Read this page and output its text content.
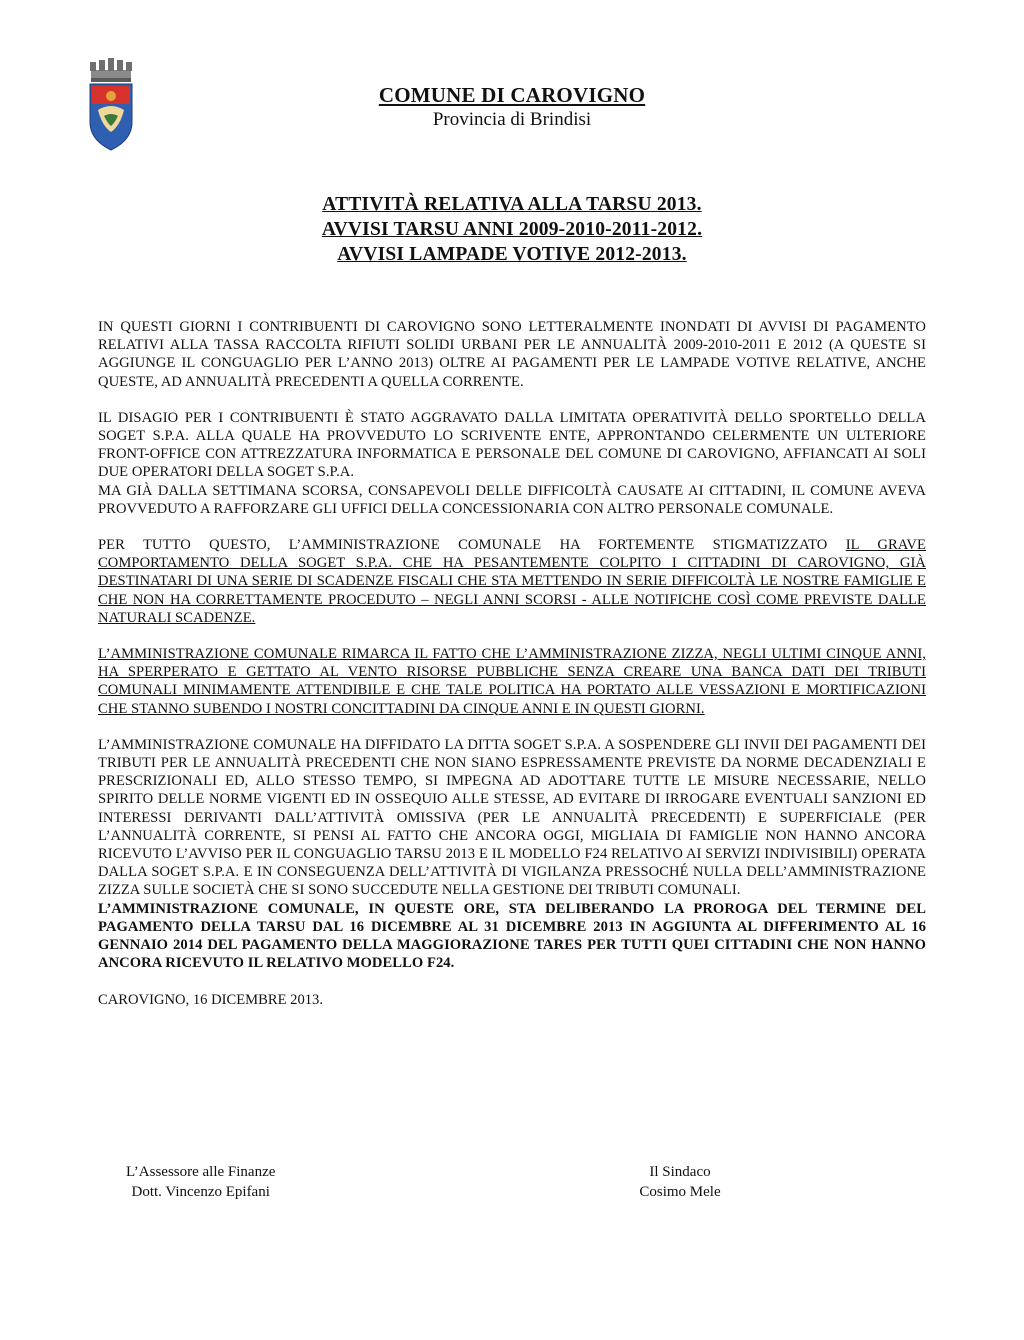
COMUNE DI CAROVIGNO
Provincia di Brindisi
ATTIVITÀ RELATIVA ALLA TARSU 2013.
AVVISI TARSU ANNI 2009-2010-2011-2012.
AVVISI LAMPADE VOTIVE 2012-2013.

IN QUESTI GIORNI I CONTRIBUENTI DI CAROVIGNO SONO LETTERALMENTE INONDATI DI AVVISI DI PAGAMENTO RELATIVI ALLA TASSA RACCOLTA RIFIUTI SOLIDI URBANI PER LE ANNUALITÀ 2009-2010-2011 E 2012 (A QUESTE SI AGGIUNGE IL CONGUAGLIO PER L’ANNO 2013) OLTRE AI PAGAMENTI PER LE LAMPADE VOTIVE RELATIVE, ANCHE QUESTE, AD ANNUALITÀ PRECEDENTI A QUELLA CORRENTE.

IL DISAGIO PER I CONTRIBUENTI È STATO AGGRAVATO DALLA LIMITATA OPERATIVITÀ DELLO SPORTELLO DELLA SOGET S.P.A. ALLA QUALE HA PROVVEDUTO LO SCRIVENTE ENTE, APPRONTANDO CELERMENTE UN ULTERIORE FRONT-OFFICE CON ATTREZZATURA INFORMATICA E PERSONALE DEL COMUNE DI CAROVIGNO, AFFIANCATI AI SOLI DUE OPERATORI DELLA SOGET S.P.A.

MA GIÀ DALLA SETTIMANA SCORSA, CONSAPEVOLI DELLE DIFFICOLTÀ CAUSATE AI CITTADINI, IL COMUNE AVEVA PROVVEDUTO A RAFFORZARE GLI UFFICI DELLA CONCESSIONARIA CON ALTRO PERSONALE COMUNALE.

PER TUTTO QUESTO, L’AMMINISTRAZIONE COMUNALE HA FORTEMENTE STIGMATIZZATO IL GRAVE COMPORTAMENTO DELLA SOGET S.P.A. CHE HA PESANTEMENTE COLPITO I CITTADINI DI CAROVIGNO, GIÀ DESTINATARI DI UNA SERIE DI SCADENZE FISCALI CHE STA METTENDO IN SERIE DIFFICOLTÀ LE NOSTRE FAMIGLIE E CHE NON HA CORRETTAMENTE PROCEDUTO – NEGLI ANNI SCORSI - ALLE NOTIFICHE COSÌ COME PREVISTE DALLE NATURALI SCADENZE.

L’AMMINISTRAZIONE COMUNALE RIMARCA IL FATTO CHE L’AMMINISTRAZIONE ZIZZA, NEGLI ULTIMI CINQUE ANNI, HA SPERPERATO E GETTATO AL VENTO RISORSE PUBBLICHE SENZA CREARE UNA BANCA DATI DEI TRIBUTI COMUNALI MINIMAMENTE ATTENDIBILE E CHE TALE POLITICA HA PORTATO ALLE VESSAZIONI E MORTIFICAZIONI CHE STANNO SUBENDO I NOSTRI CONCITTADINI DA CINQUE ANNI E IN QUESTI GIORNI.

L’AMMINISTRAZIONE COMUNALE HA DIFFIDATO LA DITTA SOGET S.P.A. A SOSPENDERE GLI INVII DEI PAGAMENTI DEI TRIBUTI PER LE ANNUALITÀ PRECEDENTI CHE NON SIANO ESPRESSAMENTE PREVISTE DA NORME DECADENZIALI E PRESCRIZIONALI ED, ALLO STESSO TEMPO, SI IMPEGNA AD ADOTTARE TUTTE LE MISURE NECESSARIE, NELLO SPIRITO DELLE NORME VIGENTI ED IN OSSEQUIO ALLE STESSE, AD EVITARE DI IRROGARE EVENTUALI SANZIONI ED INTERESSI DERIVANTI DALL’ATTIVITÀ OMISSIVA (PER LE ANNUALITÀ PRECEDENTI) E SUPERFICIALE (PER L’ANNUALITÀ CORRENTE, SI PENSI AL FATTO CHE ANCORA OGGI, MIGLIAIA DI FAMIGLIE NON HANNO ANCORA RICEVUTO L’AVVISO PER IL CONGUAGLIO TARSU 2013 E IL MODELLO F24 RELATIVO AI SERVIZI INDIVISIBILI) OPERATA DALLA SOGET S.P.A. E IN CONSEGUENZA DELL’ATTIVITÀ DI VIGILANZA PRESSOCHÉ NULLA DELL’AMMINISTRAZIONE ZIZZA SULLE SOCIETÀ CHE SI SONO SUCCEDUTE NELLA GESTIONE DEI TRIBUTI COMUNALI.

L’AMMINISTRAZIONE COMUNALE, IN QUESTE ORE, STA DELIBERANDO LA PROROGA DEL TERMINE DEL PAGAMENTO DELLA TARSU DAL 16 DICEMBRE AL 31 DICEMBRE 2013 IN AGGIUNTA AL DIFFERIMENTO AL 16 GENNAIO 2014 DEL PAGAMENTO DELLA MAGGIORAZIONE TARES PER TUTTI QUEI CITTADINI CHE NON HANNO ANCORA RICEVUTO IL RELATIVO MODELLO F24.

CAROVIGNO, 16 DICEMBRE 2013.
L’Assessore alle Finanze
Dott. Vincenzo Epifani
Il Sindaco
Cosimo Mele
